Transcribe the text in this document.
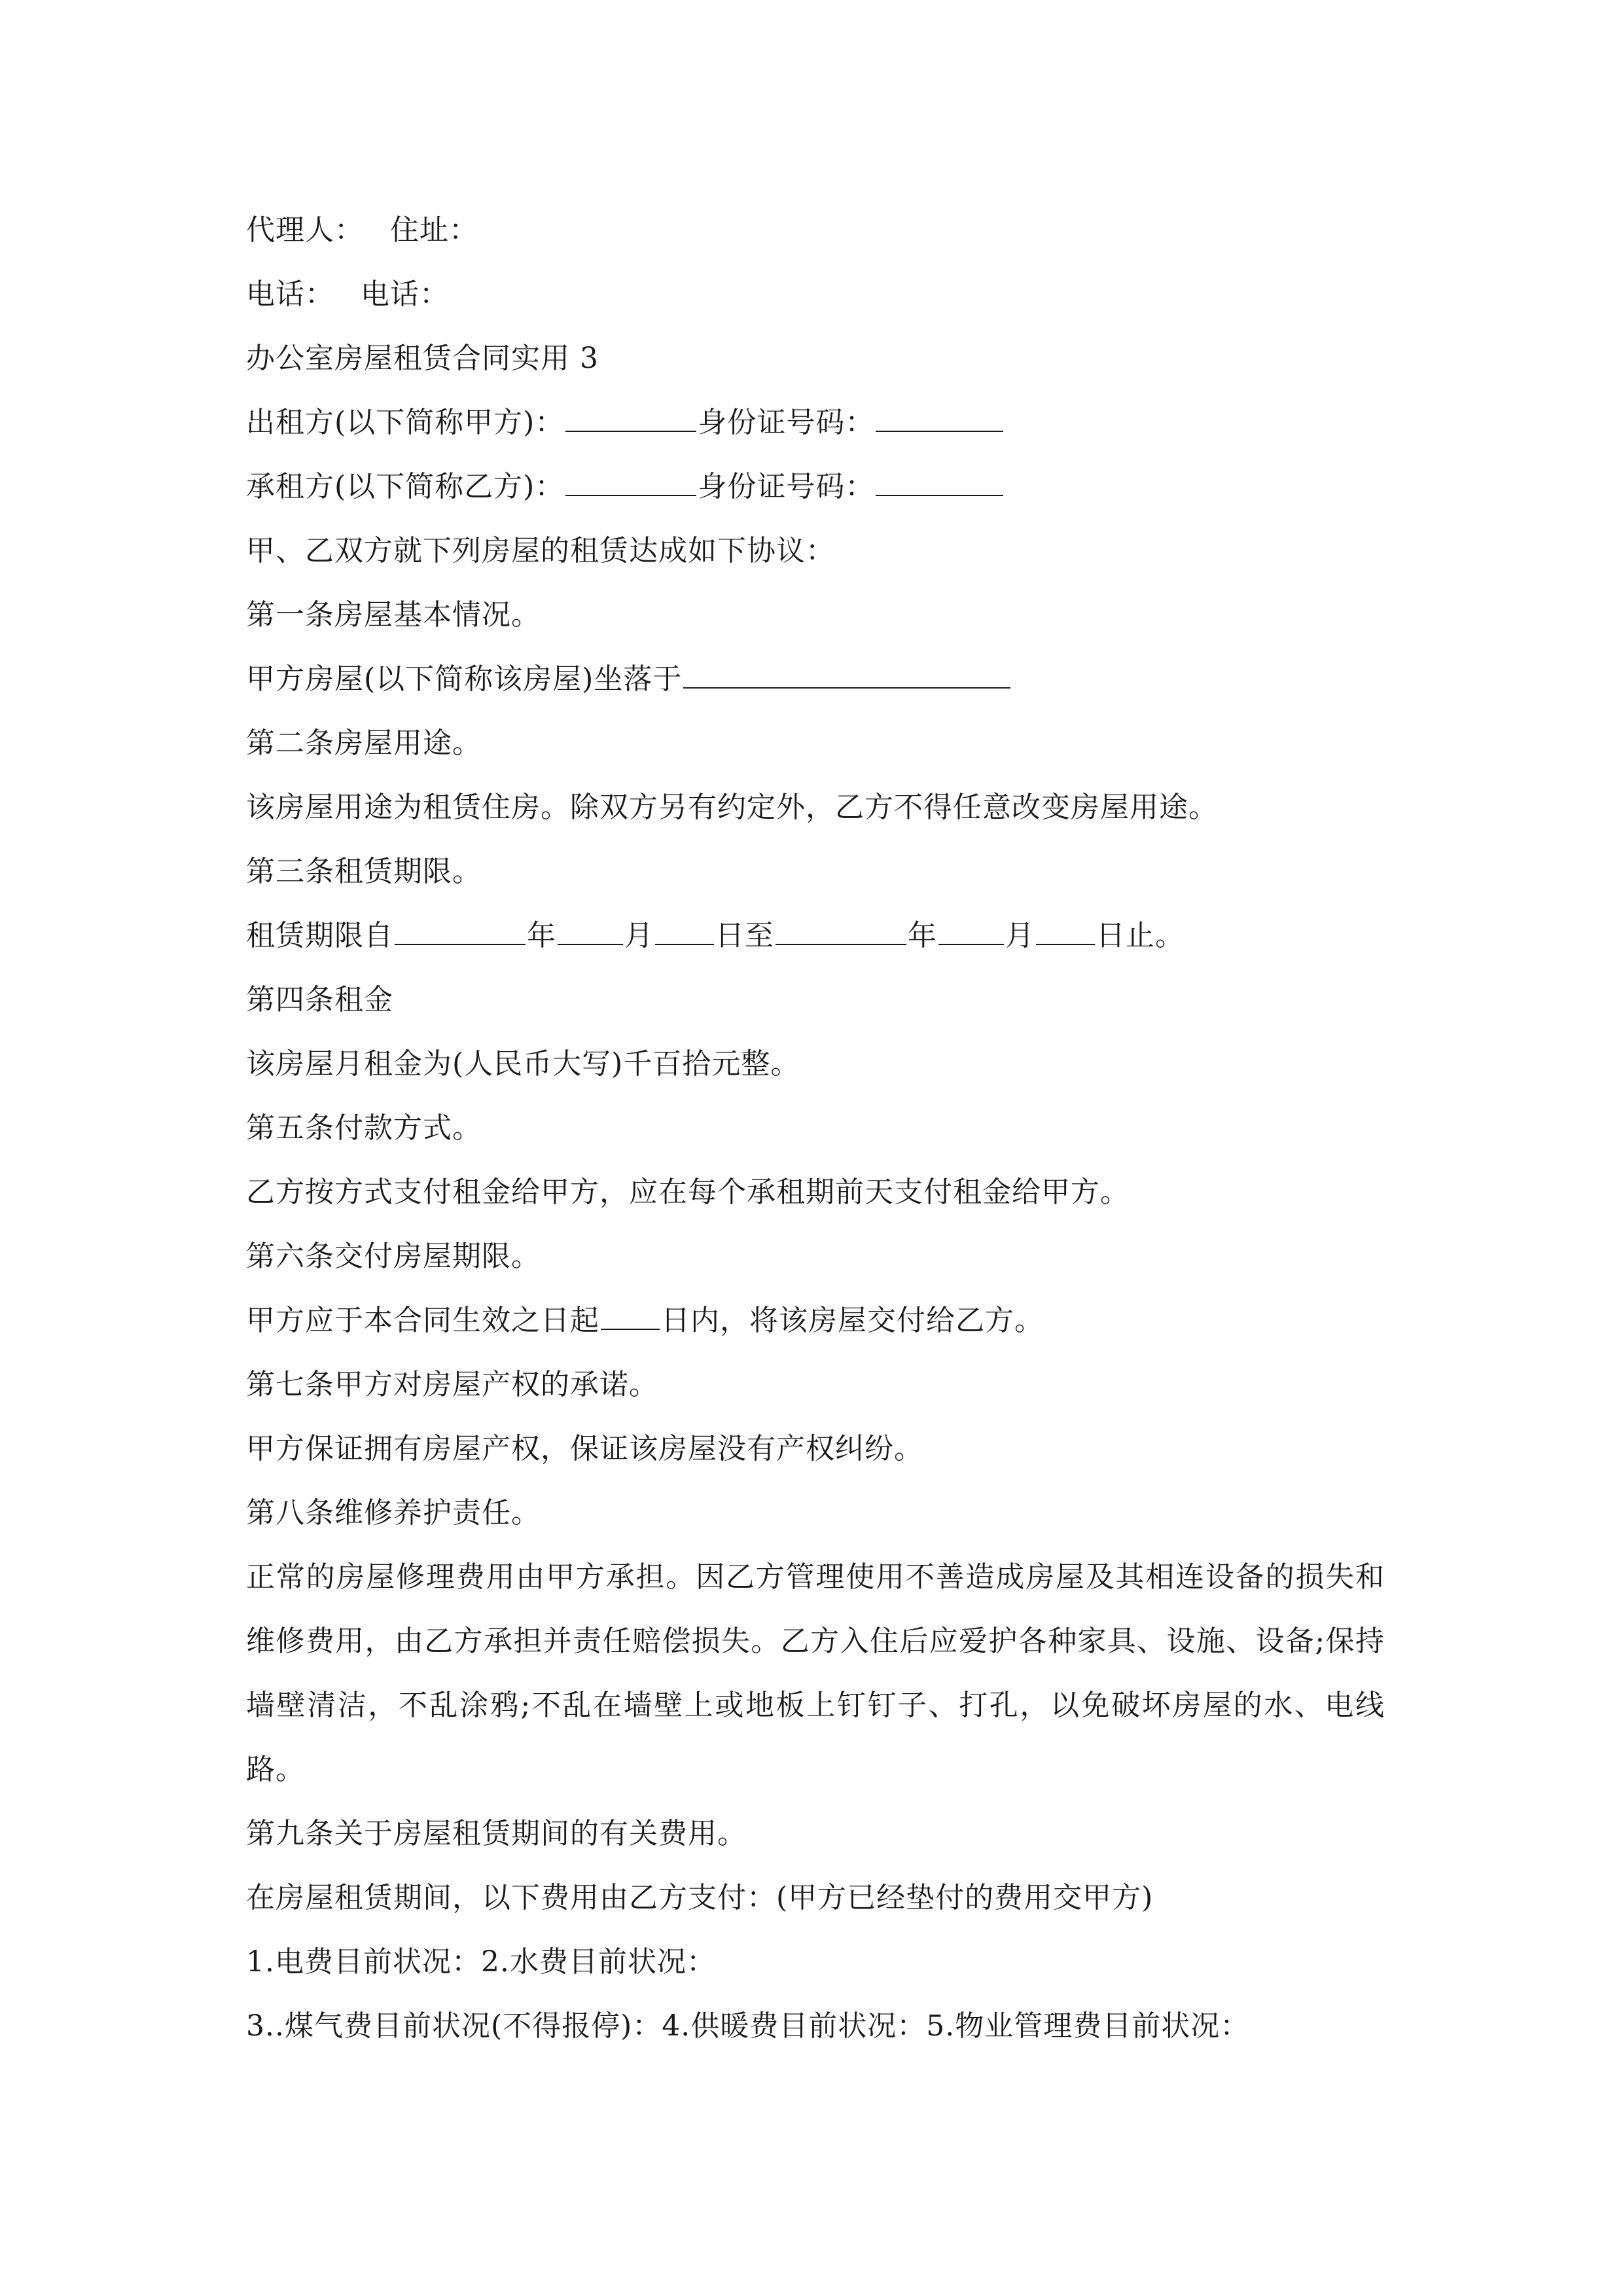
代理人： 住址：
电话： 电话：
办公室房屋租赁合同实用 3
出租方(以下简称甲方)：	身份证号码：
承租方(以下简称乙方)：	身份证号码：
甲、乙双方就下列房屋的租赁达成如下协议：
第一条房屋基本情况。
甲方房屋(以下简称该房屋)坐落于
第二条房屋用途。
该房屋用途为租赁住房。除双方另有约定外，乙方不得任意改变房屋用途。
第三条租赁期限。
租赁期限自	年 月 日至	年 月 日止。
第四条租金
该房屋月租金为(人民币大写)千百拾元整。
第五条付款方式。
乙方按方式支付租金给甲方，应在每个承租期前天支付租金给甲方。
第六条交付房屋期限。
甲方应于本合同生效之日起 日内，将该房屋交付给乙方。
第七条甲方对房屋产权的承诺。
甲方保证拥有房屋产权，保证该房屋没有产权纠纷。
第八条维修养护责任。
正常的房屋修理费用由甲方承担。因乙方管理使用不善造成房屋及其相连设备的损失和维修费用，由乙方承担并责任赔偿损失。乙方入住后应爱护各种家具、设施、设备;保持墙壁清洁，不乱涂鸦;不乱在墙壁上或地板上钉钉子、打孔，以免破坏房屋的水、电线路。
第九条关于房屋租赁期间的有关费用。
在房屋租赁期间，以下费用由乙方支付：(甲方已经垫付的费用交甲方)
1.电费目前状况：2.水费目前状况：
3..煤气费目前状况(不得报停)：4.供暖费目前状况：5.物业管理费目前状况：
